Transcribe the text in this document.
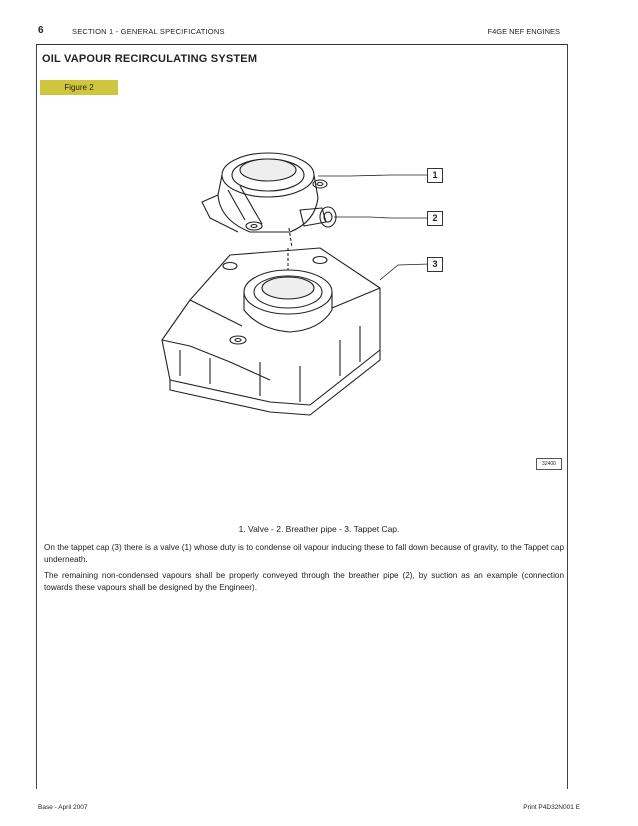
6	SECTION 1 - GENERAL SPECIFICATIONS	F4GE NEF ENGINES
OIL VAPOUR RECIRCULATING SYSTEM
Figure 2
1
2
3
32400
1. Valve - 2. Breather pipe - 3. Tappet Cap.
On the tappet cap (3) there is a valve (1) whose duty is to condense oil vapour inducing these to fall down because of gravity, to the Tappet cap underneath.
The remaining non-condensed vapours shall be properly conveyed through the breather pipe (2), by suction as an example (connection towards these vapours shall be designed by the Engineer).
Base - April 2007	Print P4D32N001 E
